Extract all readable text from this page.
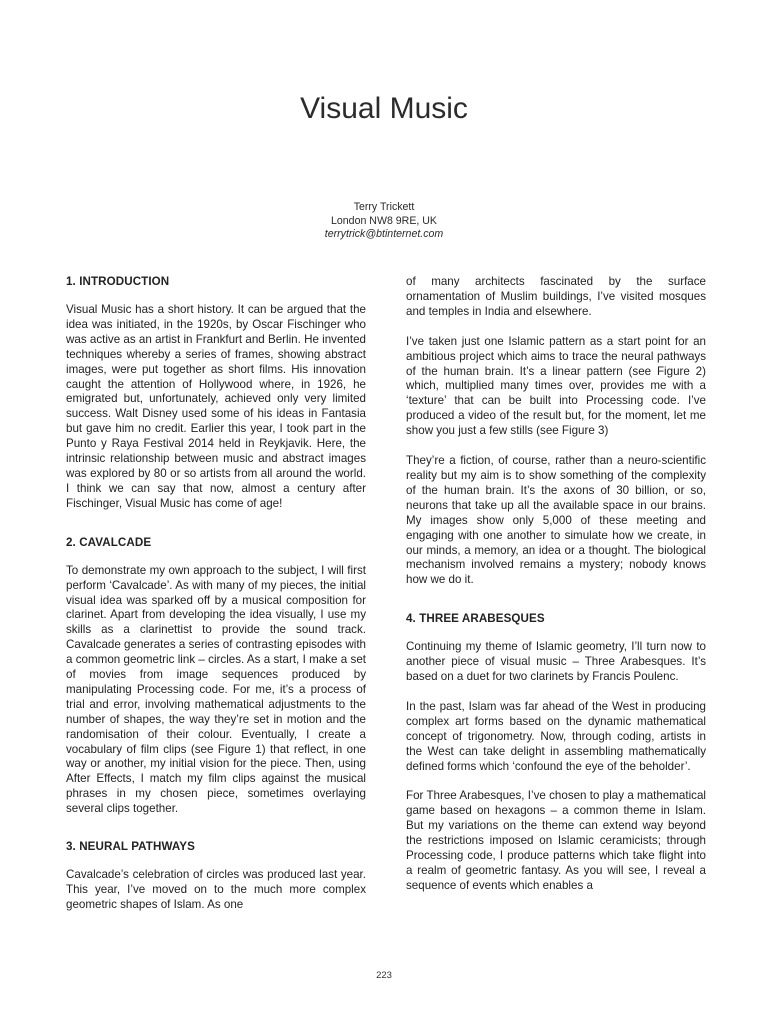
Visual Music
Terry Trickett
London NW8 9RE, UK
terrytrick@btinternet.com
1. INTRODUCTION

Visual Music has a short history. It can be argued that the idea was initiated, in the 1920s, by Oscar Fischinger who was active as an artist in Frankfurt and Berlin. He invented techniques whereby a series of frames, showing abstract images, were put together as short films. His innovation caught the attention of Hollywood where, in 1926, he emigrated but, unfortunately, achieved only very limited success. Walt Disney used some of his ideas in Fantasia but gave him no credit. Earlier this year, I took part in the Punto y Raya Festival 2014 held in Reykjavik. Here, the intrinsic relationship between music and abstract images was explored by 80 or so artists from all around the world. I think we can say that now, almost a century after Fischinger, Visual Music has come of age!

2. CAVALCADE

To demonstrate my own approach to the subject, I will first perform ‘Cavalcade’. As with many of my pieces, the initial visual idea was sparked off by a musical composition for clarinet. Apart from developing the idea visually, I use my skills as a clarinettist to provide the sound track. Cavalcade generates a series of contrasting episodes with a common geometric link – circles. As a start, I make a set of movies from image sequences produced by manipulating Processing code. For me, it’s a process of trial and error, involving mathematical adjustments to the number of shapes, the way they’re set in motion and the randomisation of their colour. Eventually, I create a vocabulary of film clips (see Figure 1) that reflect, in one way or another, my initial vision for the piece. Then, using After Effects, I match my film clips against the musical phrases in my chosen piece, sometimes overlaying several clips together.

3. NEURAL PATHWAYS

Cavalcade’s celebration of circles was produced last year. This year, I’ve moved on to the much more complex geometric shapes of Islam. As one

of many architects fascinated by the surface ornamentation of Muslim buildings, I’ve visited mosques and temples in India and elsewhere.

I’ve taken just one Islamic pattern as a start point for an ambitious project which aims to trace the neural pathways of the human brain. It’s a linear pattern (see Figure 2) which, multiplied many times over, provides me with a ‘texture’ that can be built into Processing code. I’ve produced a video of the result but, for the moment, let me show you just a few stills (see Figure 3)

They’re a fiction, of course, rather than a neuro-scientific reality but my aim is to show something of the complexity of the human brain. It’s the axons of 30 billion, or so, neurons that take up all the available space in our brains. My images show only 5,000 of these meeting and engaging with one another to simulate how we create, in our minds, a memory, an idea or a thought. The biological mechanism involved remains a mystery; nobody knows how we do it.

4. THREE ARABESQUES

Continuing my theme of Islamic geometry, I’ll turn now to another piece of visual music – Three Arabesques. It’s based on a duet for two clarinets by Francis Poulenc.

In the past, Islam was far ahead of the West in producing complex art forms based on the dynamic mathematical concept of trigonometry. Now, through coding, artists in the West can take delight in assembling mathematically defined forms which ‘confound the eye of the beholder’.

For Three Arabesques, I’ve chosen to play a mathematical game based on hexagons – a common theme in Islam. But my variations on the theme can extend way beyond the restrictions imposed on Islamic ceramicists; through Processing code, I produce patterns which take flight into a realm of geometric fantasy. As you will see, I reveal a sequence of events which enables a

223
